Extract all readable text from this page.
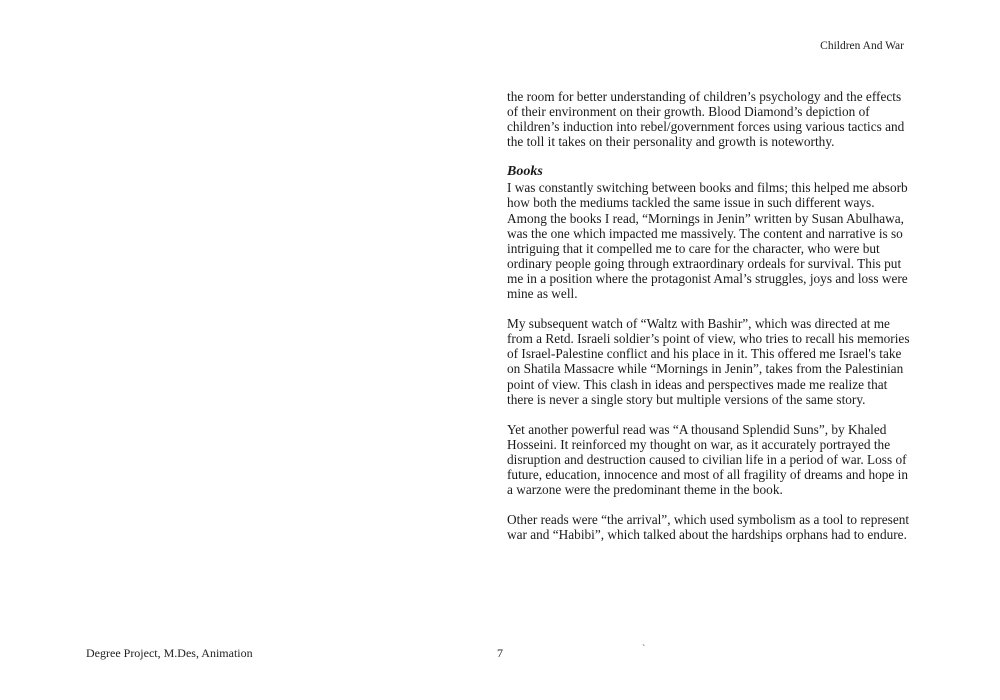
Children And War

the room for better understanding of children’s psychology and the effects
of their environment on their growth. Blood Diamond’s depiction of
children’s induction into rebel/government forces using various tactics and
the toll it takes on their personality and growth is noteworthy.

Books

I was constantly switching between books and films; this helped me absorb
how both the mediums tackled the same issue in such different ways.
Among the books I read, “Mornings in Jenin” written by Susan Abulhawa,
was the one which impacted me massively. The content and narrative is so
intriguing that it compelled me to care for the character, who were but
ordinary people going through extraordinary ordeals for survival. This put
me in a position where the protagonist Amal’s struggles, joys and loss were
mine as well.

My subsequent watch of “Waltz with Bashir”, which was directed at me
from a Retd. Israeli soldier’s point of view, who tries to recall his memories
of Israel-Palestine conflict and his place in it. This offered me Israel's take
on Shatila Massacre while “Mornings in Jenin”, takes from the Palestinian
point of view. This clash in ideas and perspectives made me realize that
there is never a single story but multiple versions of the same story.

Yet another powerful read was “A thousand Splendid Suns”, by Khaled
Hosseini. It reinforced my thought on war, as it accurately portrayed the
disruption and destruction caused to civilian life in a period of war. Loss of
future, education, innocence and most of all fragility of dreams and hope in
a warzone were the predominant theme in the book.

Other reads were “the arrival”, which used symbolism as a tool to represent
war and “Habibi”, which talked about the hardships orphans had to endure.

Degree Project, M.Des, Animation	7	`
